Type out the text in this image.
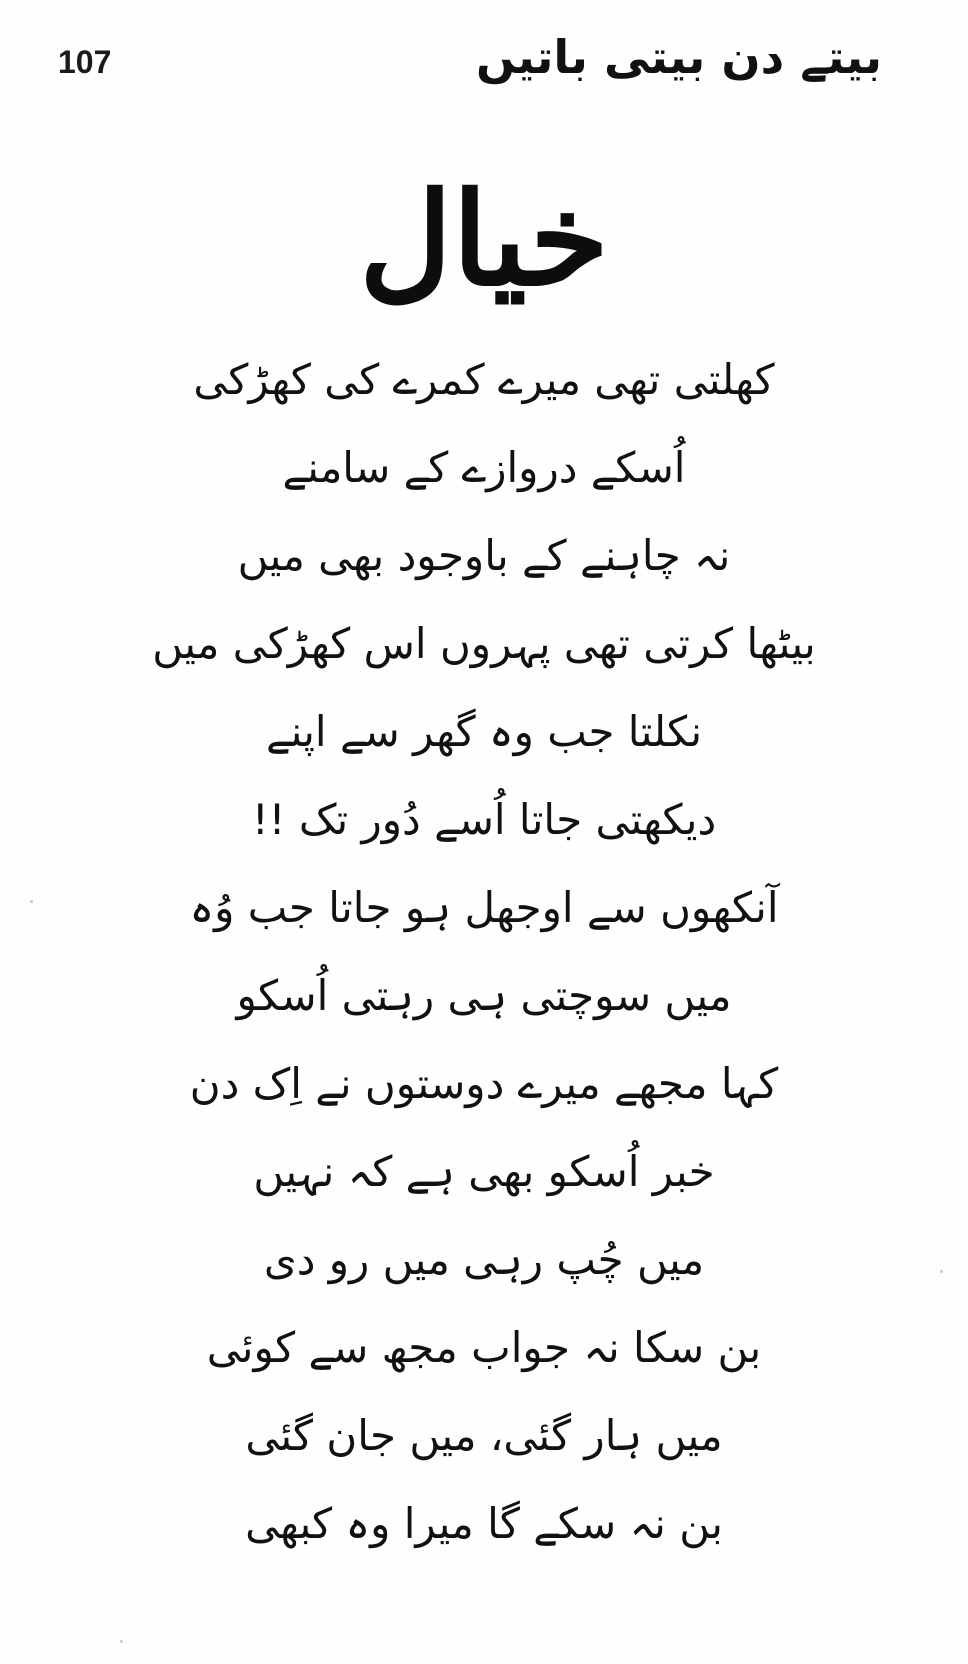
107	بیتے دن بیتی باتیں
خیال
کھلتی تھی میرے کمرے کی کھڑکی
اُسکے دروازے کے سامنے
نہ چاہنے کے باوجود بھی میں
بیٹھا کرتی تھی پہروں اس کھڑکی میں
نکلتا جب وہ گھر سے اپنے
دیکھتی جاتا اُسے دُور تک !!
آنکھوں سے اوجھل ہو جاتا جب وُہ
میں سوچتی ہی رہتی اُسکو
کہا مجھے میرے دوستوں نے اِک دن
خبر اُسکو بھی ہے کہ نہیں
میں چُپ رہی میں رو دی
بن سکا نہ جواب مجھ سے کوئی
میں ہار گئی، میں جان گئی
بن نہ سکے گا میرا وہ کبھی
